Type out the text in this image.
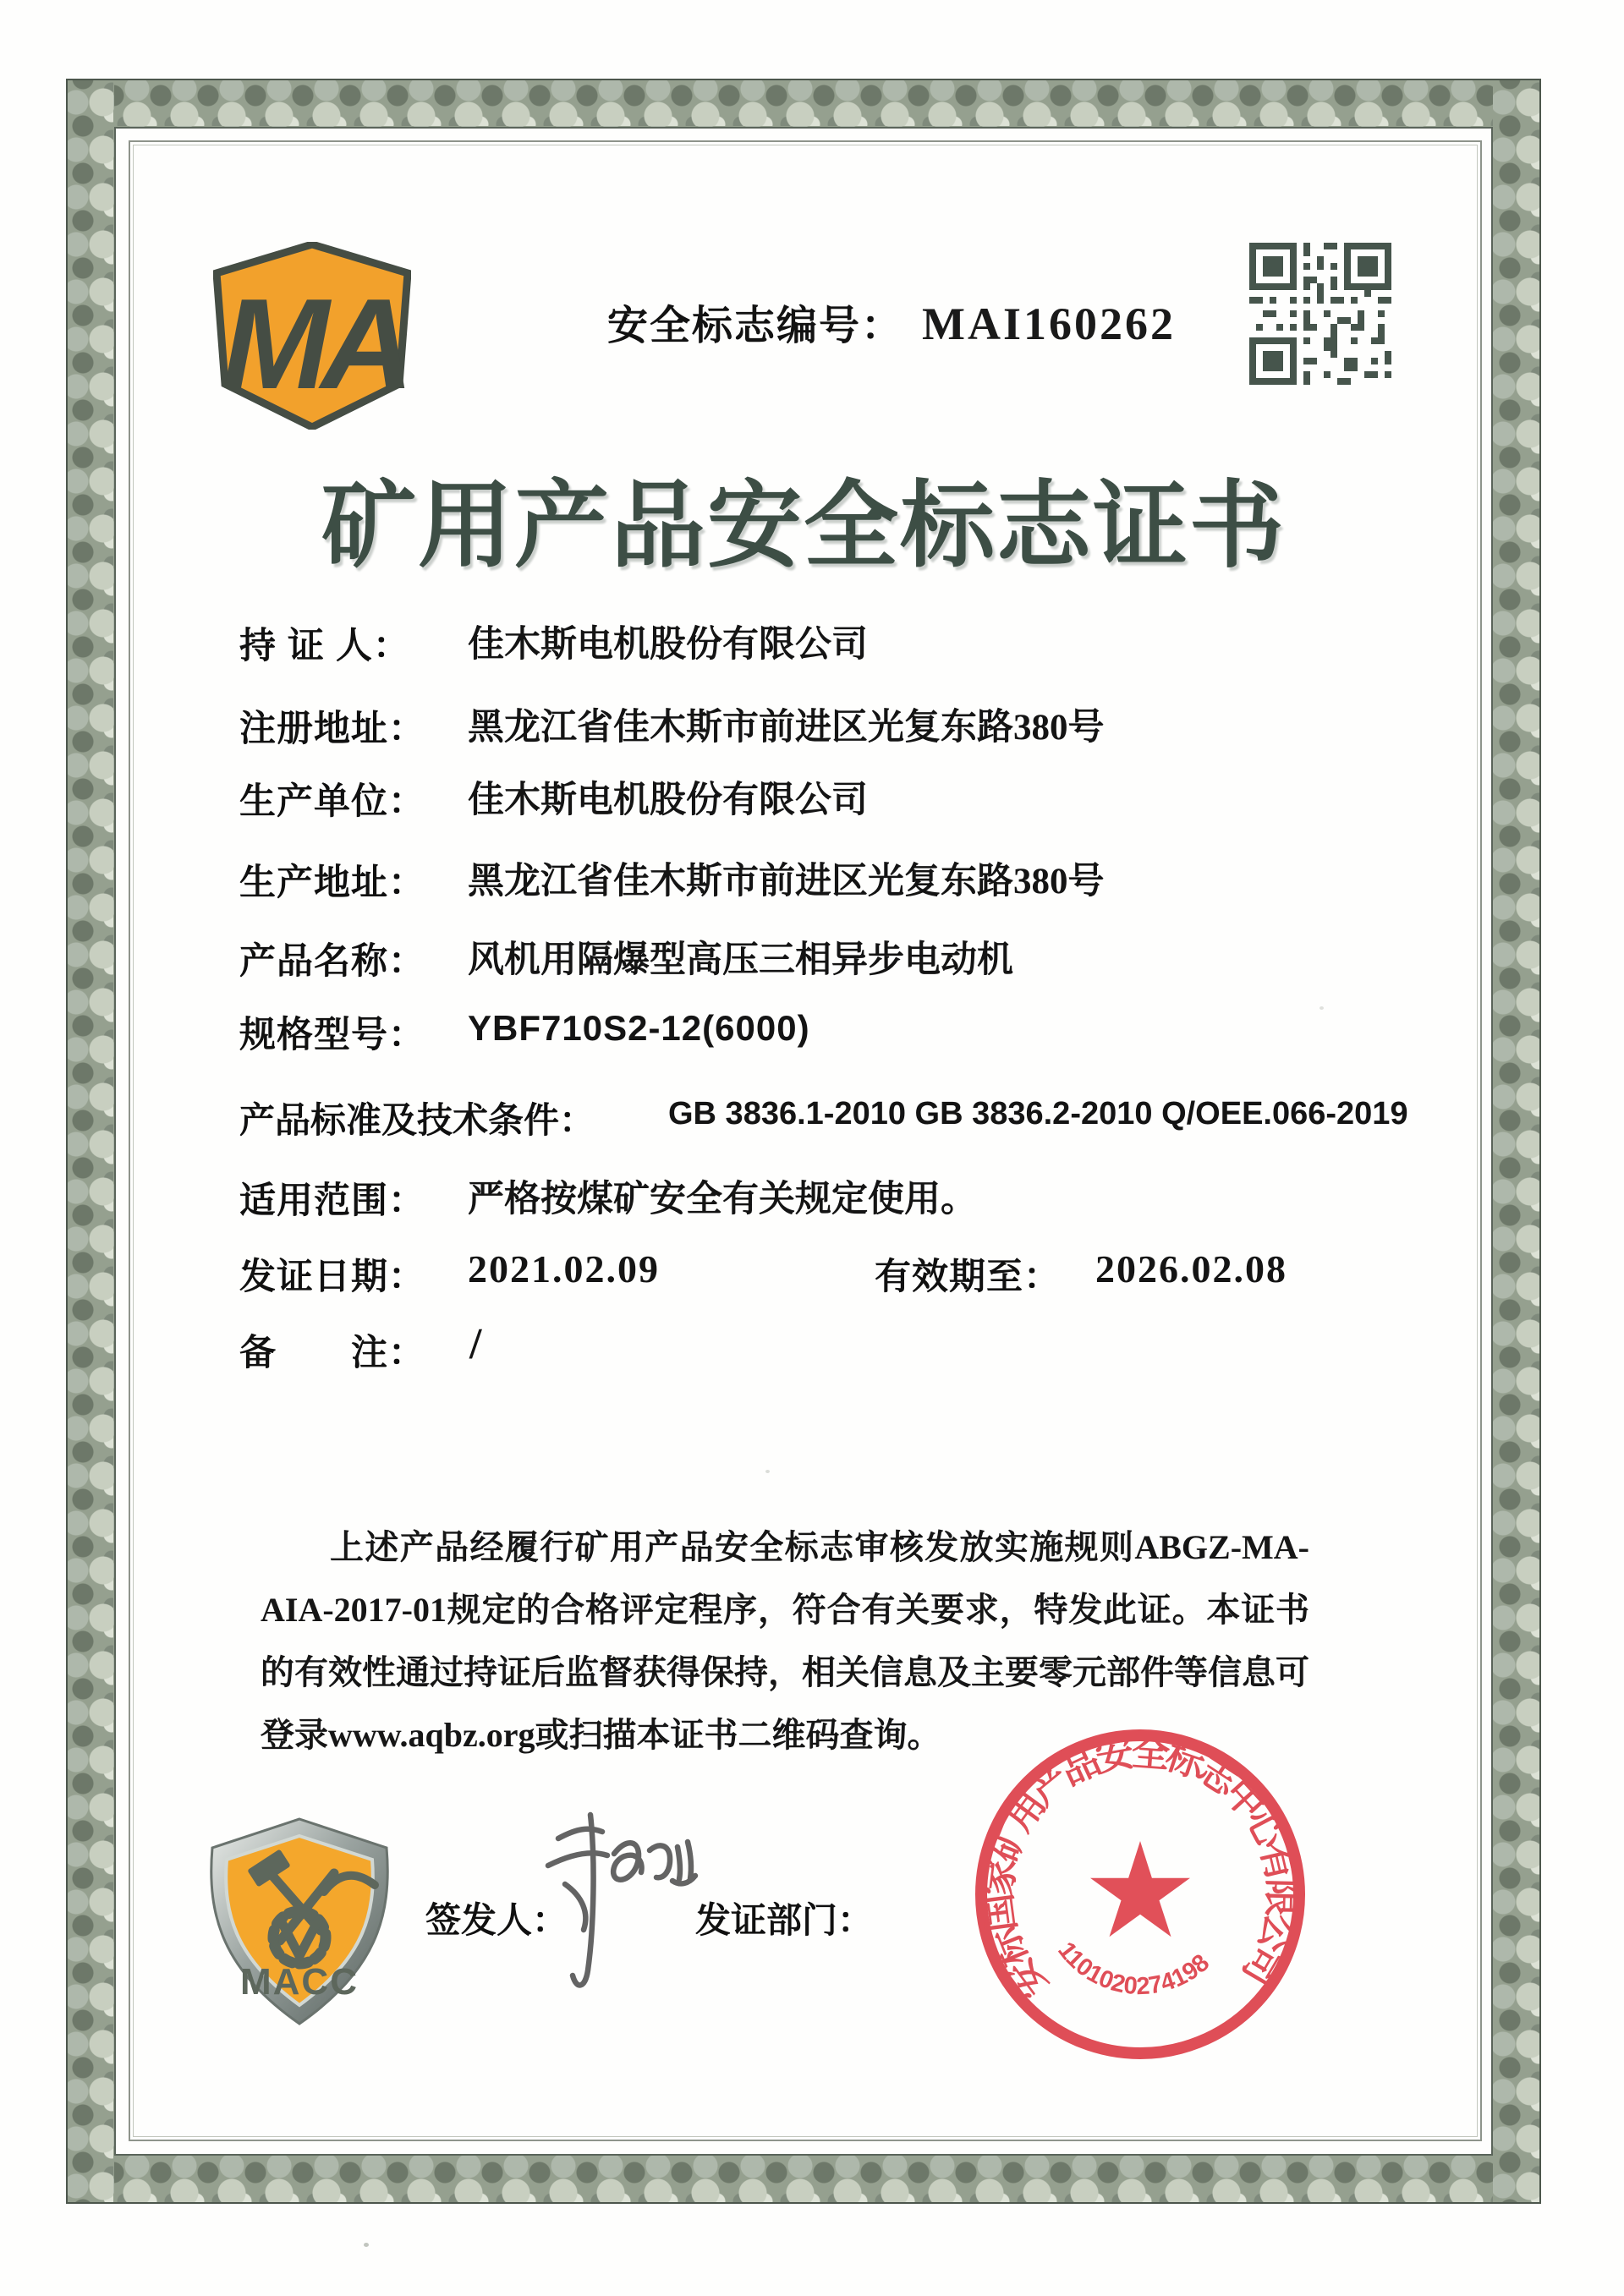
MA	安全标志编号： MAI160262
矿用产品安全标志证书
持 证 人： 佳木斯电机股份有限公司
注册地址： 黑龙江省佳木斯市前进区光复东路380号
生产单位： 佳木斯电机股份有限公司
生产地址： 黑龙江省佳木斯市前进区光复东路380号
产品名称： 风机用隔爆型高压三相异步电动机
规格型号： YBF710S2-12(6000)
产品标准及技术条件： GB 3836.1-2010 GB 3836.2-2010 Q/OEE.066-2019
适用范围： 严格按煤矿安全有关规定使用。
发证日期： 2021.02.09	有效期至： 2026.02.08
备　　注： /
上述产品经履行矿用产品安全标志审核发放实施规则ABGZ-MA-AIA-2017-01规定的合格评定程序，符合有关要求，特发此证。本证书的有效性通过持证后监督获得保持，相关信息及主要零元部件等信息可登录www.aqbz.org或扫描本证书二维码查询。
MACC
签发人：	发证部门：
安标国家矿用产品安全标志中心有限公司
1101020274198
